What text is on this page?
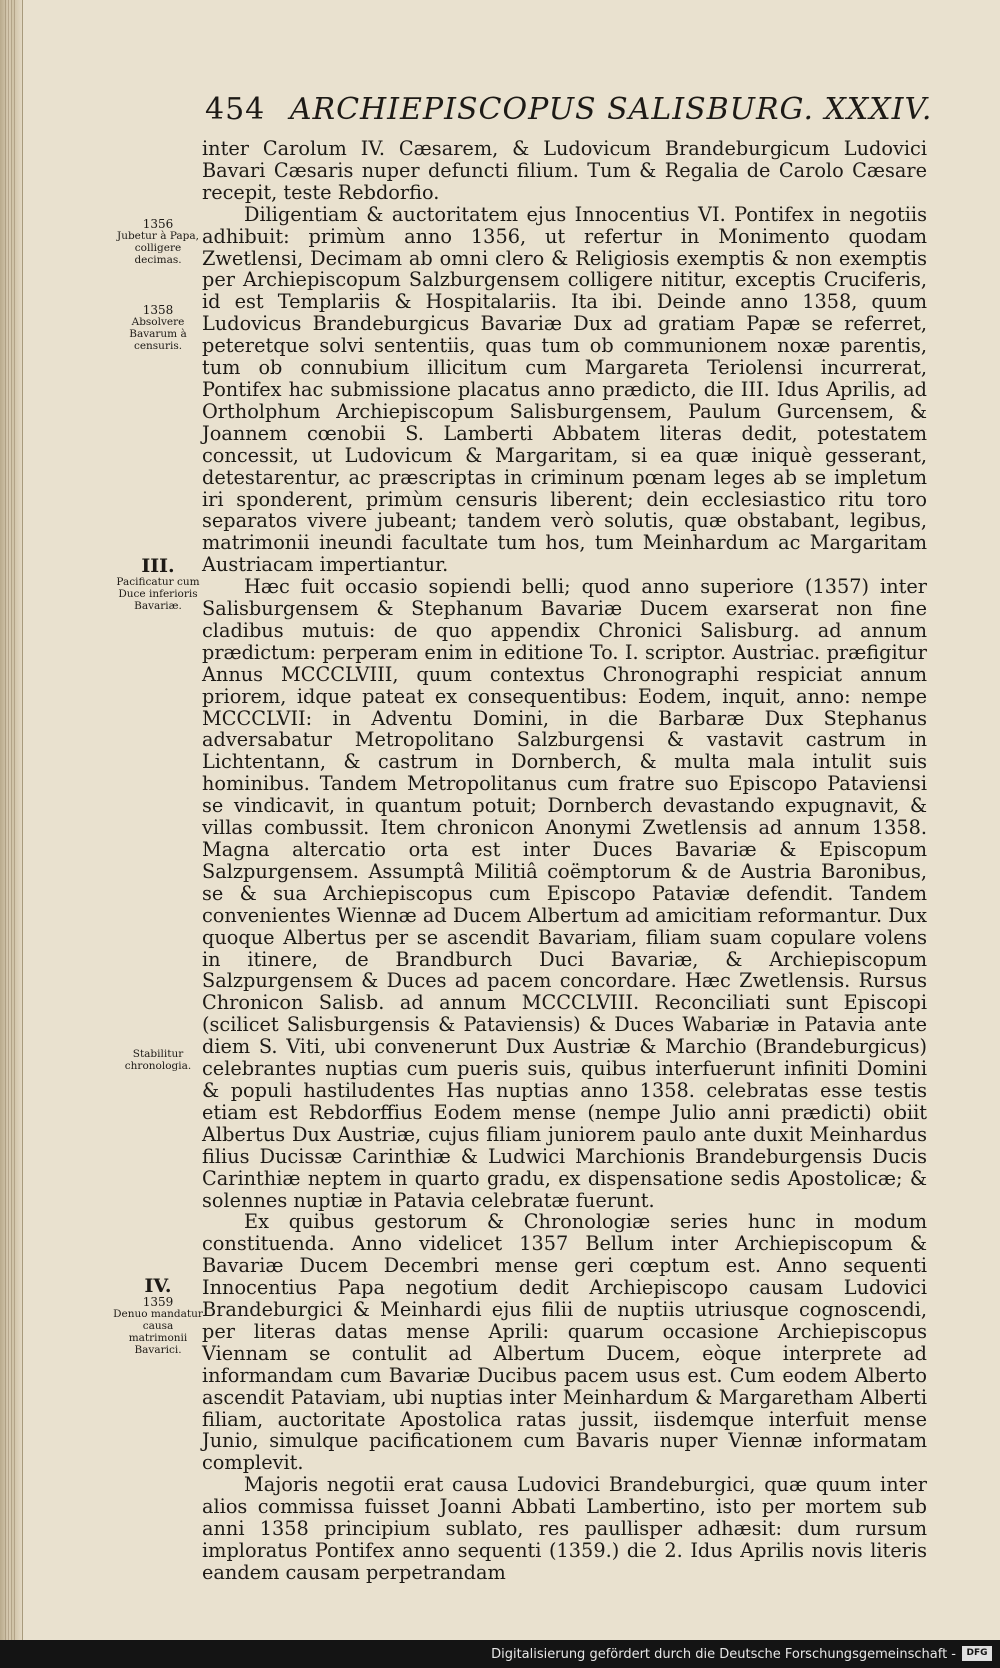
454 ARCHIEPISCOPUS SALISBURG. XXXIV.
1356
Jubetur à Papa, colligere decimas.
1358
Absolvere Bavarum à censuris.
III.
Pacificatur cum Duce inferioris Bavariæ.
Stabilitur chronologia.
IV.
1359
Denuo mandatur causa matrimonii Bavarici.

inter Carolum IV. Cæsarem, & Ludovicum Brandeburgicum Ludovici Bavari Cæsaris nuper defuncti filium. Tum & Regalia de Carolo Cæsare recepit, teste Rebdorfio.

Diligentiam & auctoritatem ejus Innocentius VI. Pontifex in negotiis adhibuit: primùm anno 1356, ut refertur in Monimento quodam Zwetlensi, Decimam ab omni clero & Religiosis exemptis & non exemptis per Archiepiscopum Salzburgensem colligere nititur, exceptis Cruciferis, id est Templariis & Hospitalariis. Ita ibi. Deinde anno 1358, quum Ludovicus Brandeburgicus Bavariæ Dux ad gratiam Papæ se referret, peteretque solvi sententiis, quas tum ob communionem noxæ parentis, tum ob connubium illicitum cum Margareta Teriolensi incurrerat, Pontifex hac submissione placatus anno prædicto, die III. Idus Aprilis, ad Ortholphum Archiepiscopum Salisburgensem, Paulum Gurcensem, & Joannem cœnobii S. Lamberti Abbatem literas dedit, potestatem concessit, ut Ludovicum & Margaritam, si ea quæ iniquè gesserant, detestarentur, ac præscriptas in criminum pœnam leges ab se impletum iri sponderent, primùm censuris liberent; dein ecclesiastico ritu toro separatos vivere jubeant; tandem verò solutis, quæ obstabant, legibus, matrimonii ineundi facultate tum hos, tum Meinhardum ac Margaritam Austriacam impertiantur.

Hæc fuit occasio sopiendi belli; quod anno superiore (1357) inter Salisburgensem & Stephanum Bavariæ Ducem exarserat non fine cladibus mutuis: de quo appendix Chronici Salisburg. ad annum prædictum: perperam enim in editione To. I. scriptor. Austriac. præfigitur Annus MCCCLVIII, quum contextus Chronographi respiciat annum priorem, idque pateat ex consequentibus: Eodem, inquit, anno: nempe MCCCLVII: in Adventu Domini, in die Barbaræ Dux Stephanus adversabatur Metropolitano Salzburgensi & vastavit castrum in Lichtentann, & castrum in Dornberch, & multa mala intulit suis hominibus. Tandem Metropolitanus cum fratre suo Episcopo Pataviensi se vindicavit, in quantum potuit; Dornberch devastando expugnavit, & villas combussit. Item chronicon Anonymi Zwetlensis ad annum 1358. Magna altercatio orta est inter Duces Bavariæ & Episcopum Salzpurgensem. Assumptâ Militiâ coëmptorum & de Austria Baronibus, se & sua Archiepiscopus cum Episcopo Pataviæ defendit. Tandem convenientes Wiennæ ad Ducem Albertum ad amicitiam reformantur. Dux quoque Albertus per se ascendit Bavariam, filiam suam copulare volens in itinere, de Brandburch Duci Bavariæ, & Archiepiscopum Salzpurgensem & Duces ad pacem concordare. Hæc Zwetlensis. Rursus Chronicon Salisb. ad annum MCCCLVIII. Reconciliati sunt Episcopi (scilicet Salisburgensis & Pataviensis) & Duces Wabariæ in Patavia ante diem S. Viti, ubi convenerunt Dux Austriæ & Marchio (Brandeburgicus) celebrantes nuptias cum pueris suis, quibus interfuerunt infiniti Domini & populi hastiludentes Has nuptias anno 1358. celebratas esse testis etiam est Rebdorffius Eodem mense (nempe Julio anni prædicti) obiit Albertus Dux Austriæ, cujus filiam juniorem paulo ante duxit Meinhardus filius Ducissæ Carinthiæ & Ludwici Marchionis Brandeburgensis Ducis Carinthiæ neptem in quarto gradu, ex dispensatione sedis Apostolicæ; & solennes nuptiæ in Patavia celebratæ fuerunt.

Ex quibus gestorum & Chronologiæ series hunc in modum constituenda. Anno videlicet 1357 Bellum inter Archiepiscopum & Bavariæ Ducem Decembri mense geri cœptum est. Anno sequenti Innocentius Papa negotium dedit Archiepiscopo causam Ludovici Brandeburgici & Meinhardi ejus filii de nuptiis utriusque cognoscendi, per literas datas mense Aprili: quarum occasione Archiepiscopus Viennam se contulit ad Albertum Ducem, eòque interprete ad informandam cum Bavariæ Ducibus pacem usus est. Cum eodem Alberto ascendit Pataviam, ubi nuptias inter Meinhardum & Margaretham Alberti filiam, auctoritate Apostolica ratas jussit, iisdemque interfuit mense Junio, simulque pacificationem cum Bavaris nuper Viennæ informatam complevit.

Majoris negotii erat causa Ludovici Brandeburgici, quæ quum inter alios commissa fuisset Joanni Abbati Lambertino, isto per mortem sub anni 1358 principium sublato, res paullisper adhæsit: dum rursum imploratus Pontifex anno sequenti (1359.) die 2. Idus Aprilis novis literis eandem causam perpetrandam

Digitalisierung gefördert durch die Deutsche Forschungsgemeinschaft -	DFG
